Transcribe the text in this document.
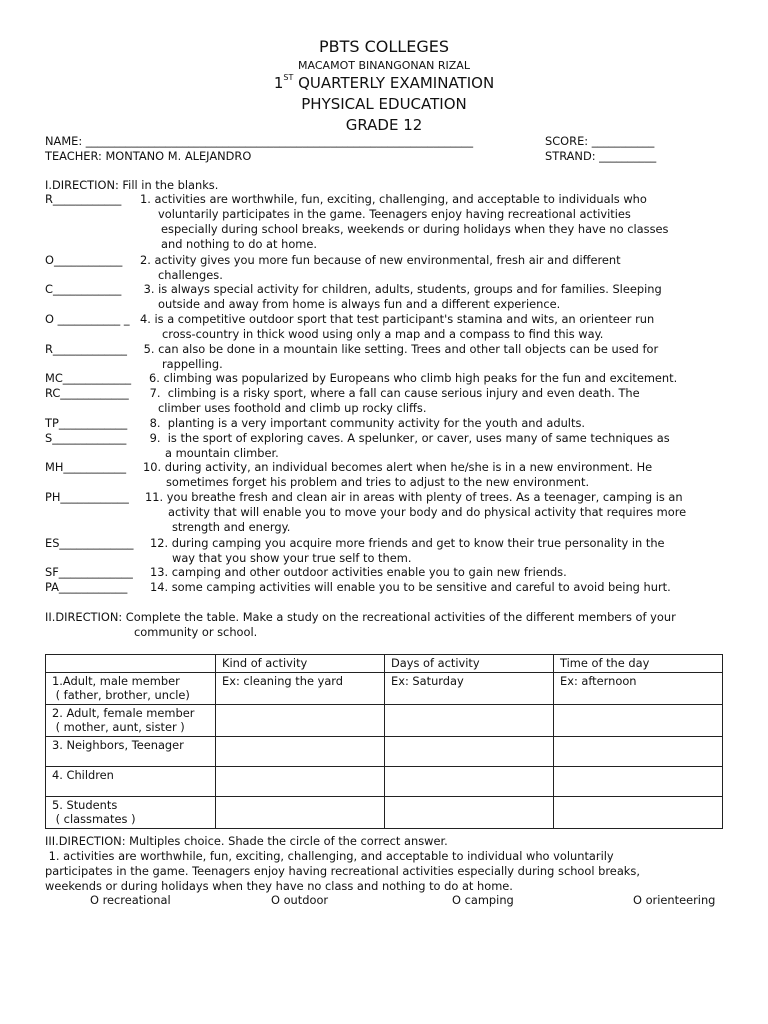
PBTS COLLEGES
MACAMOT BINANGONAN RIZAL
1ST QUARTERLY EXAMINATION
PHYSICAL EDUCATION
GRADE 12
NAME: ____________________________________________________________________	SCORE: ___________
TEACHER: MONTANO M. ALEJANDRO	STRAND: __________
I.DIRECTION: Fill in the blanks.
R____________ 1. activities are worthwhile, fun, exciting, challenging, and acceptable to individuals who
voluntarily participates in the game. Teenagers enjoy having recreational activities
especially during school breaks, weekends or during holidays when they have no classes
and nothing to do at home.
O____________ 2. activity gives you more fun because of new environmental, fresh air and different
challenges.
C____________ 3. is always special activity for children, adults, students, groups and for families. Sleeping
outside and away from home is always fun and a different experience.
O ___________ _ 4. is a competitive outdoor sport that test participant's stamina and wits, an orienteer run
cross-country in thick wood using only a map and a compass to find this way.
R_____________ 5. can also be done in a mountain like setting. Trees and other tall objects can be used for
rappelling.
MC____________ 6. climbing was popularized by Europeans who climb high peaks for the fun and excitement.
RC____________ 7.  climbing is a risky sport, where a fall can cause serious injury and even death. The
climber uses foothold and climb up rocky cliffs.
TP____________ 8.  planting is a very important community activity for the youth and adults.
S_____________ 9.  is the sport of exploring caves. A spelunker, or caver, uses many of same techniques as
a mountain climber.
MH___________ 10. during activity, an individual becomes alert when he/she is in a new environment. He
sometimes forget his problem and tries to adjust to the new environment.
PH____________ 11. you breathe fresh and clean air in areas with plenty of trees. As a teenager, camping is an
activity that will enable you to move your body and do physical activity that requires more
strength and energy.
ES_____________ 12. during camping you acquire more friends and get to know their true personality in the
way that you show your true self to them.
SF_____________ 13. camping and other outdoor activities enable you to gain new friends.
PA____________ 14. some camping activities will enable you to be sensitive and careful to avoid being hurt.
II.DIRECTION: Complete the table. Make a study on the recreational activities of the different members of your
community or school.
	Kind of activity	Days of activity	Time of the day

1.Adult, male member
( father, brother, uncle)	Ex: cleaning the yard	Ex: Saturday	Ex: afternoon

2. Adult, female member
( mother, aunt, sister )			

3. Neighbors, Teenager			

4. Children			

5. Students
( classmates )			

III.DIRECTION: Multiples choice. Shade the circle of the correct answer.
1. activities are worthwhile, fun, exciting, challenging, and acceptable to individual who voluntarily
participates in the game. Teenagers enjoy having recreational activities especially during school breaks,
weekends or during holidays when they have no class and nothing to do at home.
O recreational	O outdoor	O camping	O orienteering
